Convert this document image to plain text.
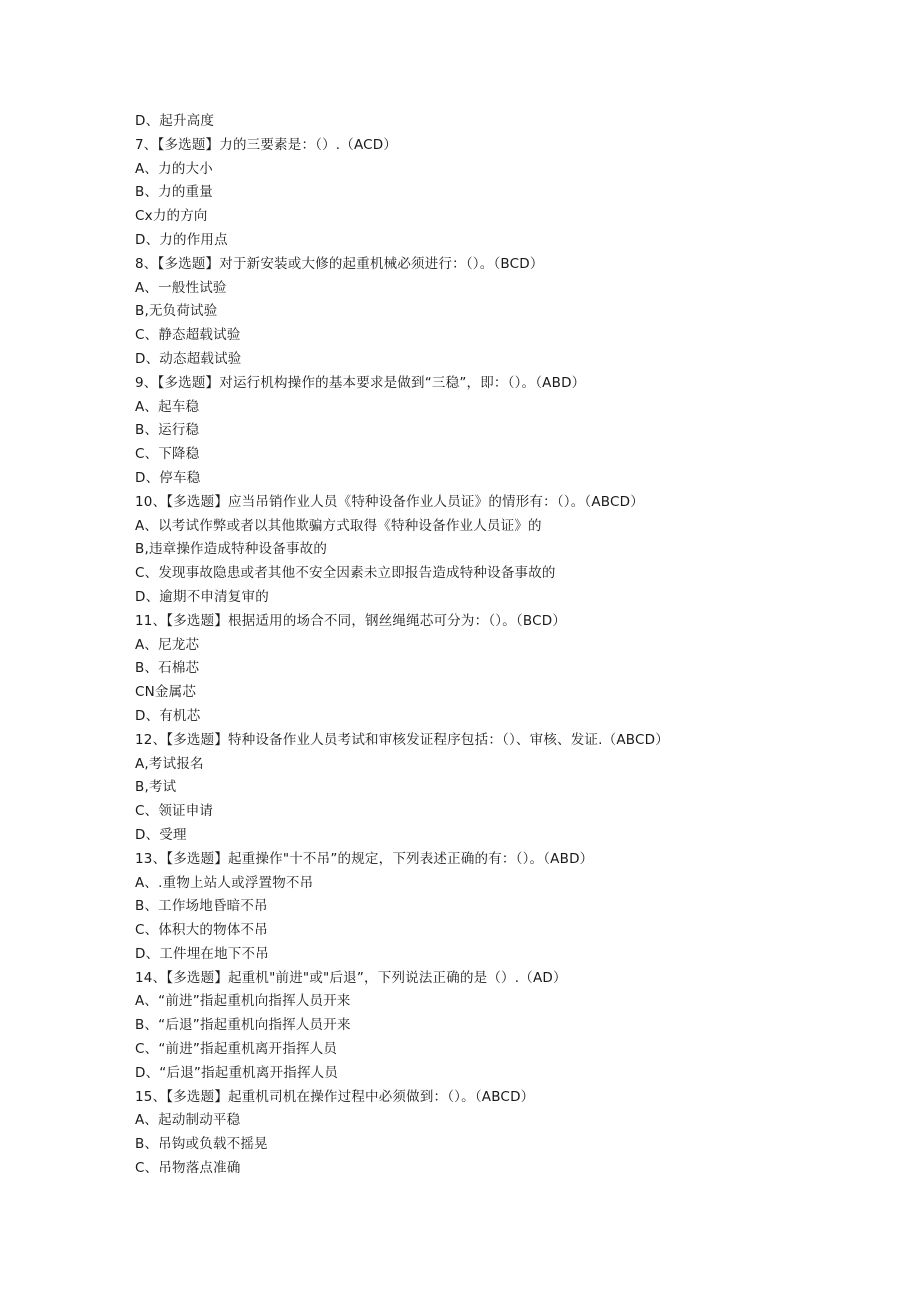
D、起升高度
7、【多选题】力的三要素是：（）.（ACD）
A、力的大小
B、力的重量
Cx力的方向
D、力的作用点
8、【多选题】对于新安装或大修的起重机械必须进行：（）。（BCD）
A、一般性试验
B,无负荷试验
C、静态超载试验
D、动态超载试验
9、【多选题】对运行机构操作的基本要求是做到“三稳”，即：（）。（ABD）
A、起车稳
B、运行稳
C、下降稳
D、停车稳
10、【多选题】应当吊销作业人员《特种设备作业人员证》的情形有：（）。（ABCD）
A、以考试作弊或者以其他欺骗方式取得《特种设备作业人员证》的
B,违章操作造成特种设备事故的
C、发现事故隐患或者其他不安全因素未立即报告造成特种设备事故的
D、逾期不申清复审的
11、【多选题】根据适用的场合不同，钢丝绳绳芯可分为：（）。（BCD）
A、尼龙芯
B、石棉芯
CN金属芯
D、有机芯
12、【多选题】特种设备作业人员考试和审核发证程序包括：（）、审核、发证.（ABCD）
A,考试报名
B,考试
C、领证申请
D、受理
13、【多选题】起重操作"十不吊”的规定，下列表述正确的有：（）。（ABD）
A、.重物上站人或浮置物不吊
B、工作场地昏暗不吊
C、体积大的物体不吊
D、工件埋在地下不吊
14、【多选题】起重机"前进"或"后退”，下列说法正确的是（）.（AD）
A、“前进”指起重机向指挥人员开来
B、“后退”指起重机向指挥人员开来
C、“前进”指起重机离开指挥人员
D、“后退”指起重机离开指挥人员
15、【多选题】起重机司机在操作过程中必须做到：（）。（ABCD）
A、起动制动平稳
B、吊钩或负载不摇晃
C、吊物落点准确
